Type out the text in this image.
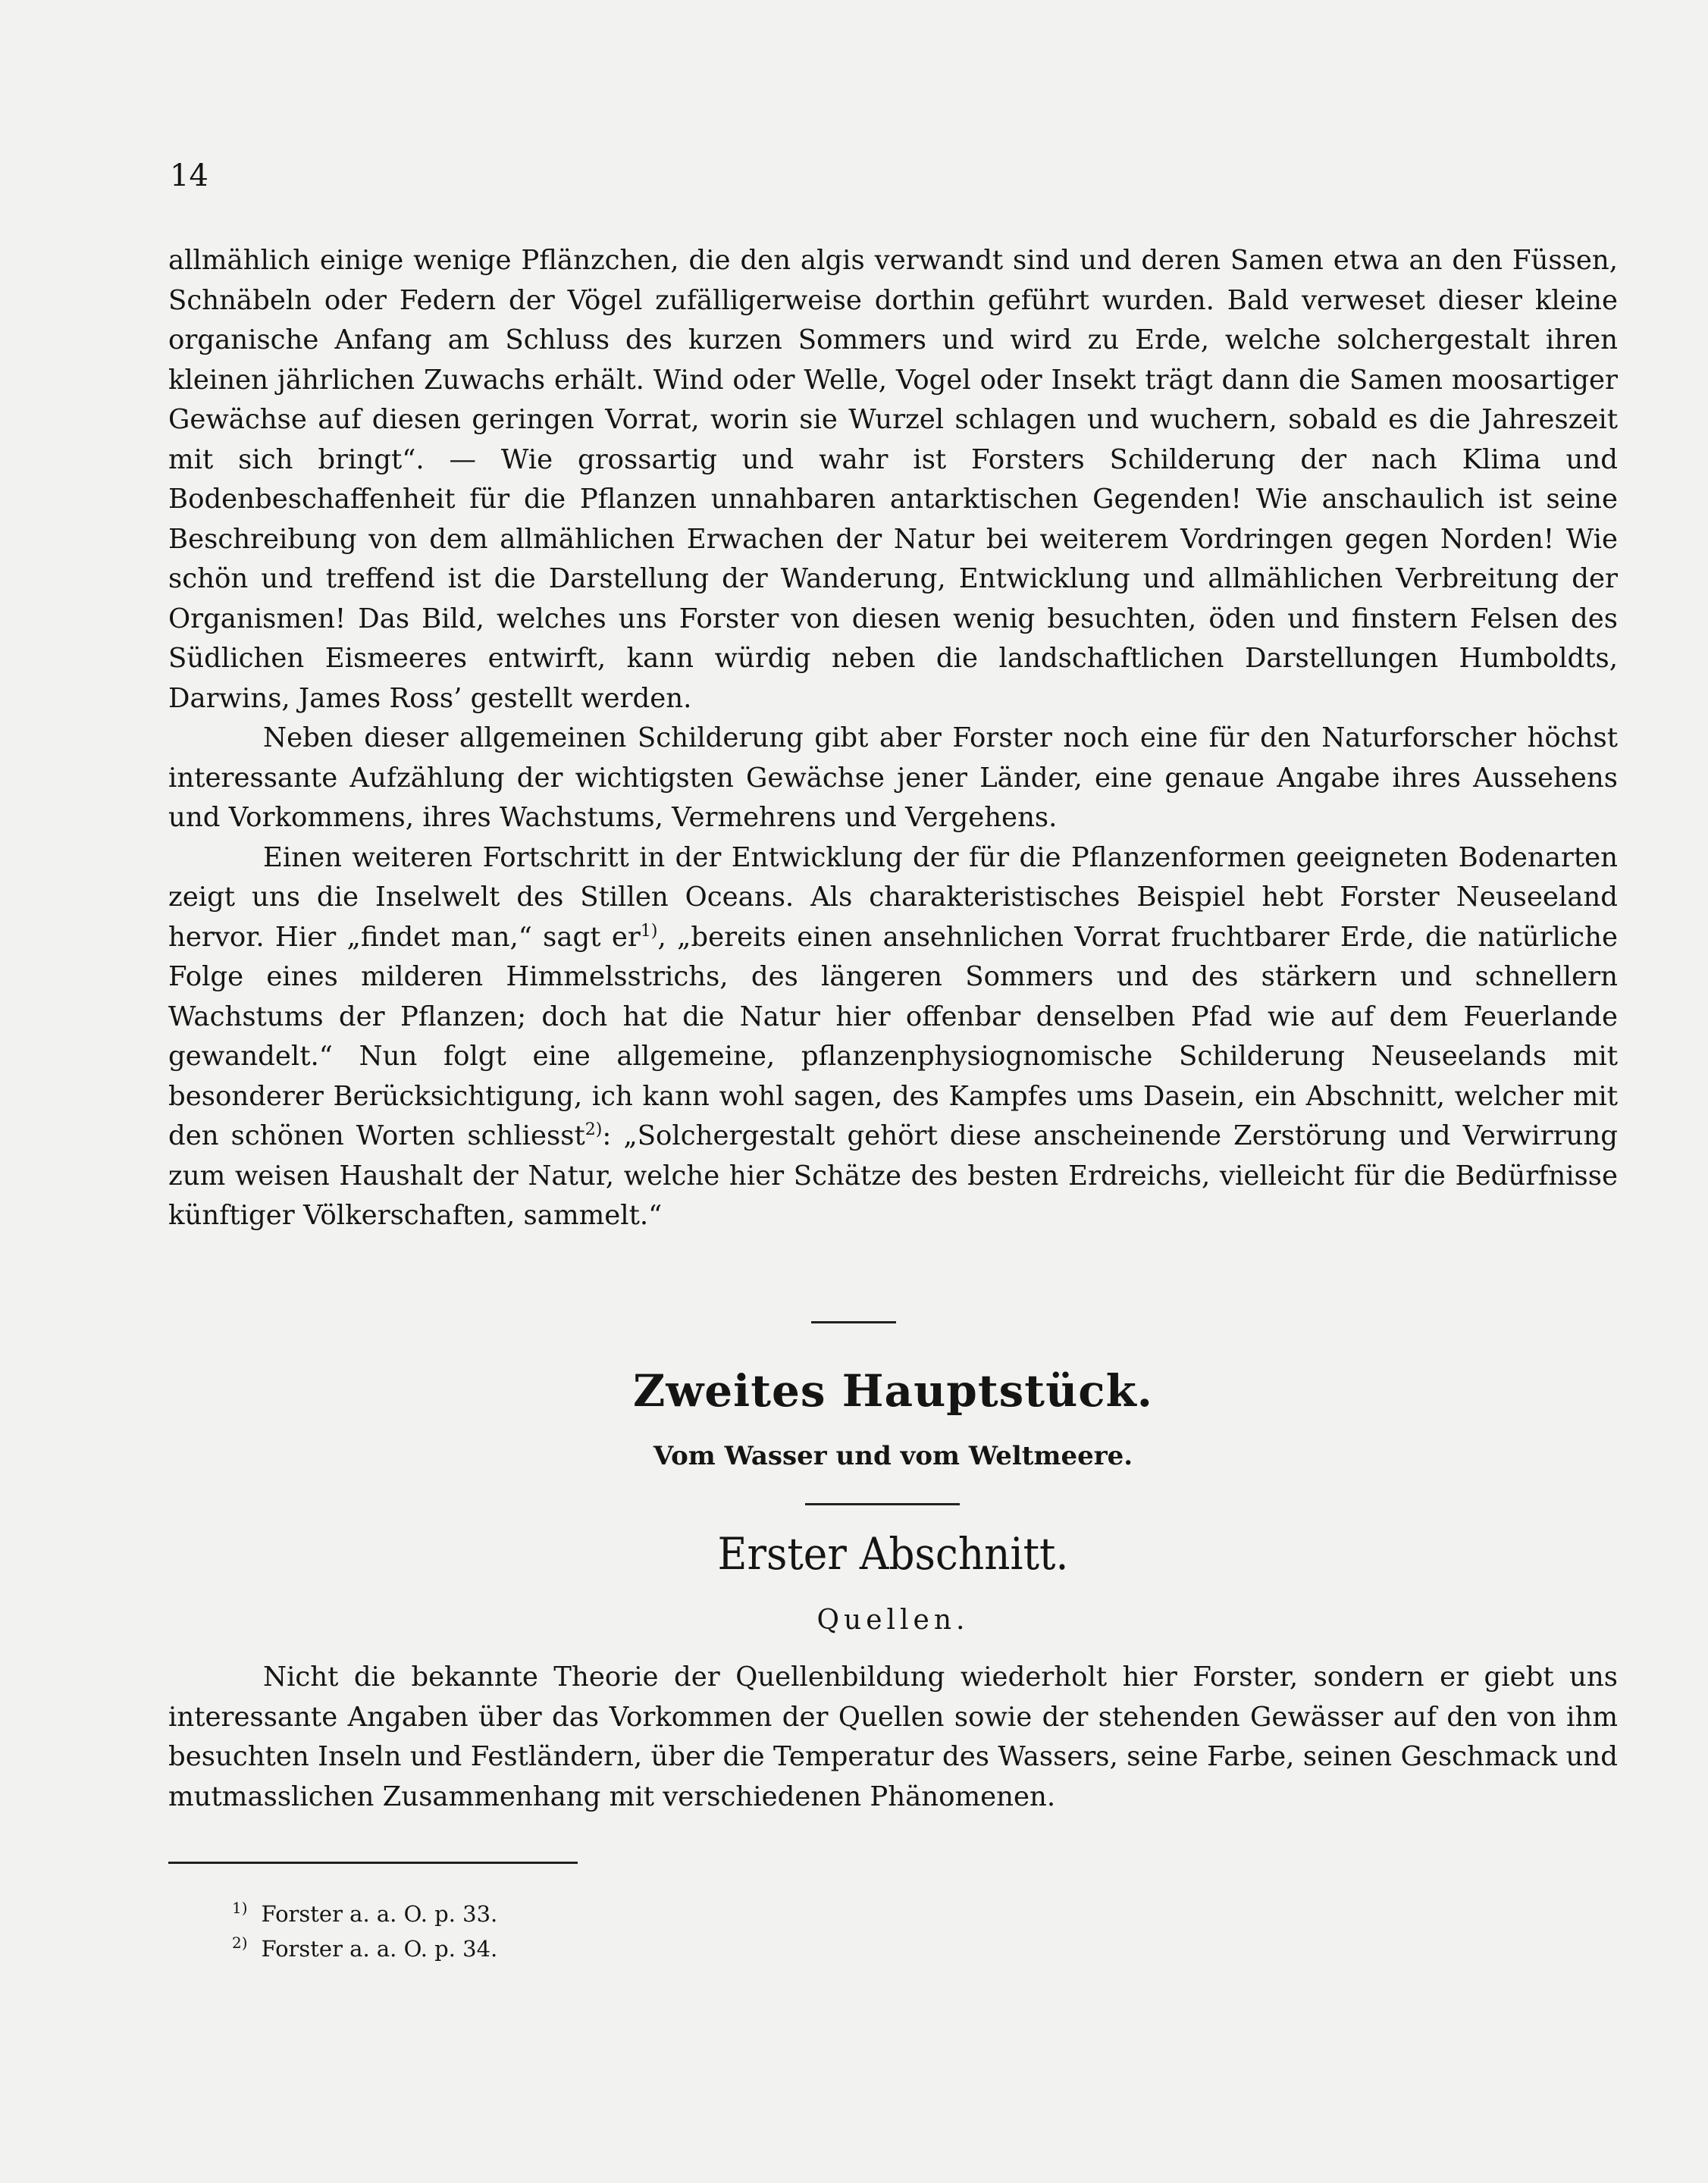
14

allmählich einige wenige Pflänzchen, die den algis verwandt sind und deren Samen etwa an den Füssen, Schnäbeln oder Federn der Vögel zufälligerweise dorthin geführt wurden. Bald verweset dieser kleine organische Anfang am Schluss des kurzen Sommers und wird zu Erde, welche solchergestalt ihren kleinen jährlichen Zuwachs erhält. Wind oder Welle, Vogel oder Insekt trägt dann die Samen moosartiger Gewächse auf diesen geringen Vorrat, worin sie Wurzel schlagen und wuchern, sobald es die Jahreszeit mit sich bringt“. — Wie grossartig und wahr ist Forsters Schilderung der nach Klima und Bodenbeschaffenheit für die Pflanzen unnahbaren antarktischen Gegenden! Wie anschaulich ist seine Beschreibung von dem allmählichen Erwachen der Natur bei weiterem Vordringen gegen Norden! Wie schön und treffend ist die Darstellung der Wanderung, Entwicklung und allmählichen Verbreitung der Organismen! Das Bild, welches uns Forster von diesen wenig besuchten, öden und finstern Felsen des Südlichen Eismeeres entwirft, kann würdig neben die landschaftlichen Darstellungen Humboldts, Darwins, James Ross’ gestellt werden.

Neben dieser allgemeinen Schilderung gibt aber Forster noch eine für den Naturforscher höchst interessante Aufzählung der wichtigsten Gewächse jener Länder, eine genaue Angabe ihres Aussehens und Vorkommens, ihres Wachstums, Vermehrens und Vergehens.

Einen weiteren Fortschritt in der Entwicklung der für die Pflanzenformen geeigneten Bodenarten zeigt uns die Inselwelt des Stillen Oceans. Als charakteristisches Beispiel hebt Forster Neuseeland hervor. Hier „findet man,“ sagt er$^{1)}$, „bereits einen ansehnlichen Vorrat fruchtbarer Erde, die natürliche Folge eines milderen Himmelsstrichs, des längeren Sommers und des stärkern und schnellern Wachstums der Pflanzen; doch hat die Natur hier offenbar denselben Pfad wie auf dem Feuerlande gewandelt.“ Nun folgt eine allgemeine, pflanzenphysiognomische Schilderung Neuseelands mit besonderer Berücksichtigung, ich kann wohl sagen, des Kampfes ums Dasein, ein Abschnitt, welcher mit den schönen Worten schliesst$^{2)}$: „Solchergestalt gehört diese anscheinende Zerstörung und Verwirrung zum weisen Haushalt der Natur, welche hier Schätze des besten Erdreichs, vielleicht für die Bedürfnisse künftiger Völkerschaften, sammelt.“

Zweites Hauptstück.
Vom Wasser und vom Weltmeere.
Erster Abschnitt.
Quellen.

Nicht die bekannte Theorie der Quellenbildung wiederholt hier Forster, sondern er giebt uns interessante Angaben über das Vorkommen der Quellen sowie der stehenden Gewässer auf den von ihm besuchten Inseln und Festländern, über die Temperatur des Wassers, seine Farbe, seinen Geschmack und mutmasslichen Zusammenhang mit verschiedenen Phänomenen.

1) Forster a. a. O. p. 33.
2) Forster a. a. O. p. 34.
